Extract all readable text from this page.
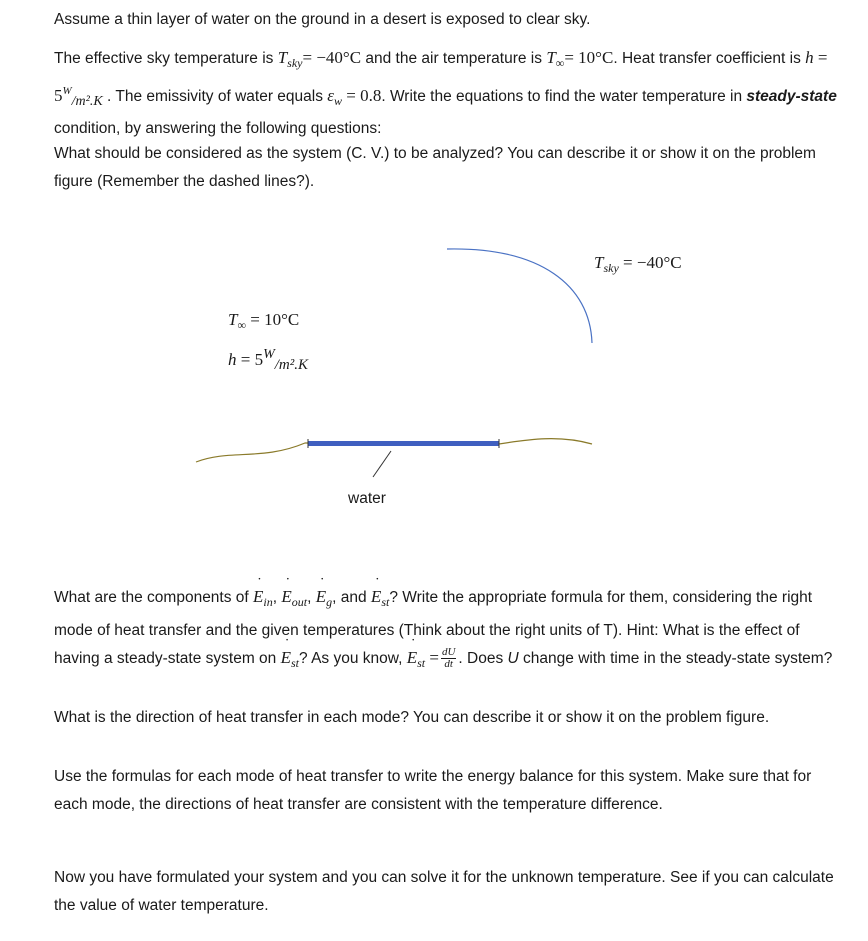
Assume a thin layer of water on the ground in a desert is exposed to clear sky.

The effective sky temperature is $T_{sky}= -40^\circ C$ and the air temperature is $T_\infty= 10^\circ C$. Heat transfer coefficient is $h = 5^W/m^2.K$ . The emissivity of water equals $\varepsilon_w = 0.8$. Write the equations to find the water temperature in steady-state condition, by answering the following questions:

What should be considered as the system (C. V.) to be analyzed? You can describe it or show it on the problem figure (Remember the dashed lines?).

$T_{sky} = -40^\circ C$
$T_\infty = 10^\circ C$
$h = 5^W/m^2.K$
water

What are the components of ˙ $E_{in}$, ˙ $E_{out}$, ˙ $E_g$, and ˙ $E_{st}$? Write the appropriate formula for them, considering the right mode of heat transfer and the given temperatures (Think about the right units of T). Hint: What is the effect of having a steady-state system on ˙ $E_{st}$? As you know, ˙ $E_{st} = \frac{dU}{dt}$ . Does U change with time in the steady-state system?

What is the direction of heat transfer in each mode? You can describe it or show it on the problem figure.

Use the formulas for each mode of heat transfer to write the energy balance for this system. Make sure that for each mode, the directions of heat transfer are consistent with the temperature difference.

Now you have formulated your system and you can solve it for the unknown temperature. See if you can calculate the value of water temperature.
